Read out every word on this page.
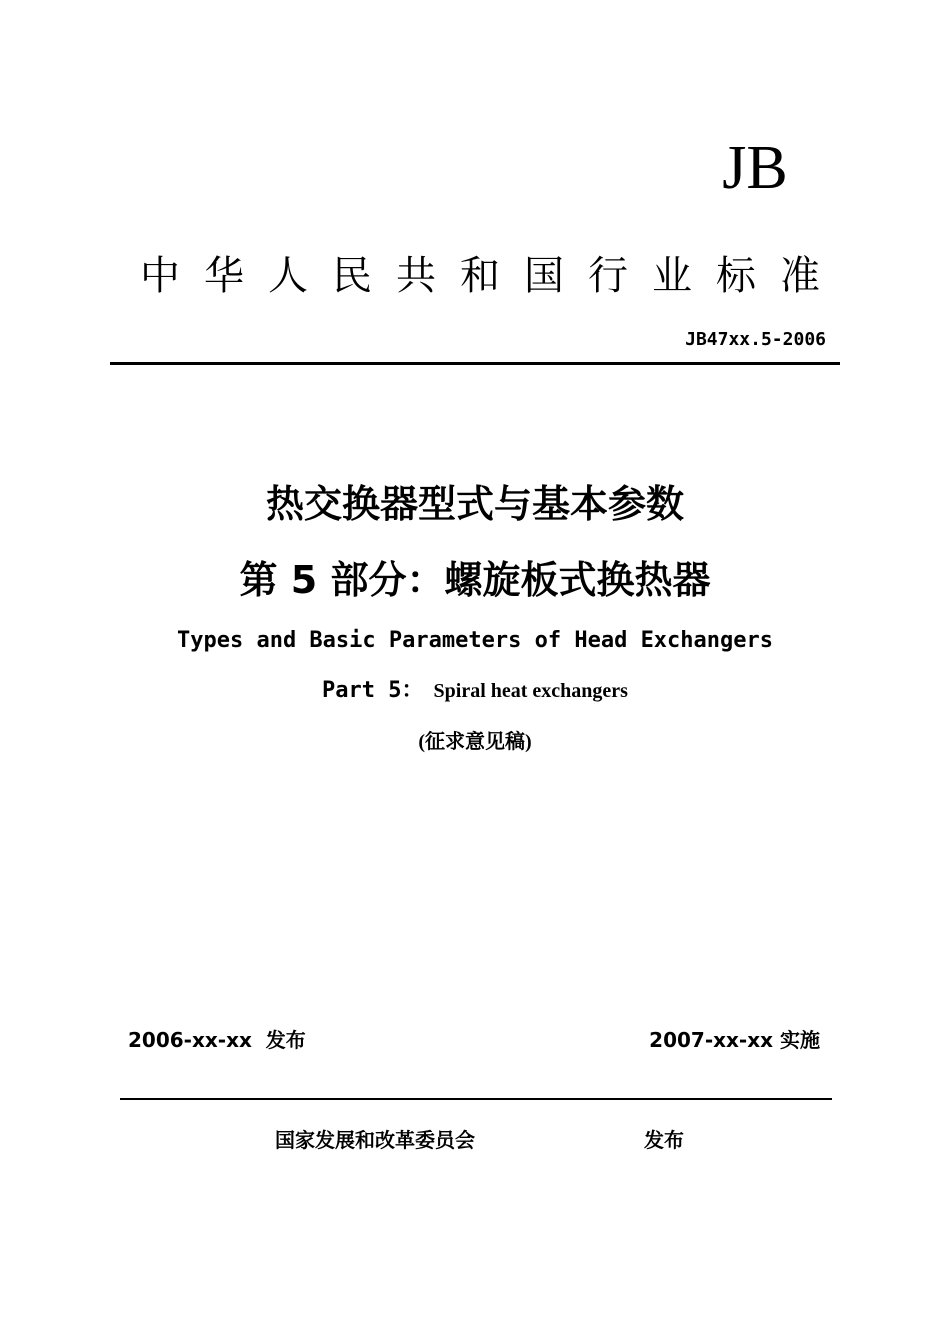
JB
中 华 人 民 共 和 国 行 业 标 准
JB47xx.5-2006
热交换器型式与基本参数
第 5 部分：螺旋板式换热器
Types and Basic Parameters of Head Exchangers
Part 5： Spiral heat exchangers
(征求意见稿)
2006-xx-xx  发布	2007-xx-xx 实施
国家发展和改革委员会	发布
